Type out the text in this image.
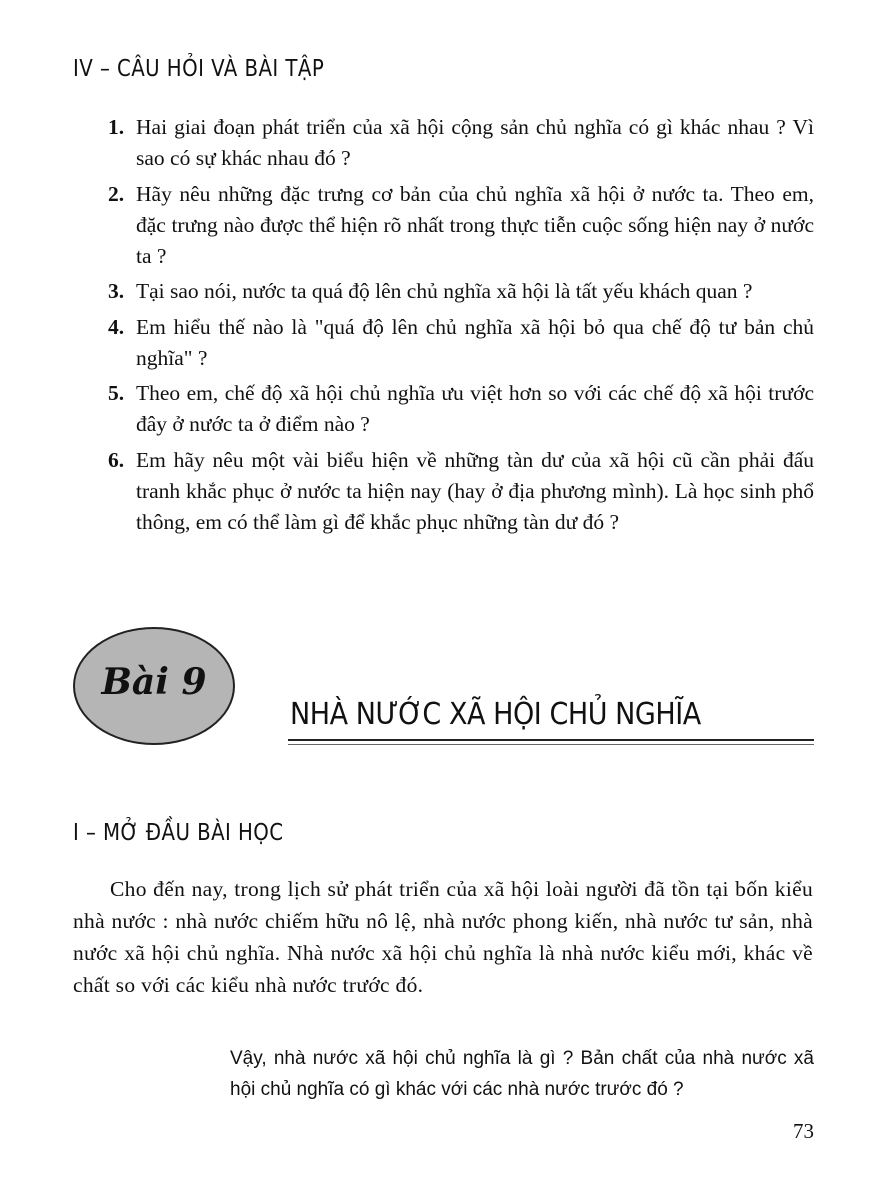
IV – CÂU HỎI VÀ BÀI TẬP
1. Hai giai đoạn phát triển của xã hội cộng sản chủ nghĩa có gì khác nhau ? Vì sao có sự khác nhau đó ?
2. Hãy nêu những đặc trưng cơ bản của chủ nghĩa xã hội ở nước ta. Theo em, đặc trưng nào được thể hiện rõ nhất trong thực tiễn cuộc sống hiện nay ở nước ta ?
3. Tại sao nói, nước ta quá độ lên chủ nghĩa xã hội là tất yếu khách quan ?
4. Em hiểu thế nào là "quá độ lên chủ nghĩa xã hội bỏ qua chế độ tư bản chủ nghĩa" ?
5. Theo em, chế độ xã hội chủ nghĩa ưu việt hơn so với các chế độ xã hội trước đây ở nước ta ở điểm nào ?
6. Em hãy nêu một vài biểu hiện về những tàn dư của xã hội cũ cần phải đấu tranh khắc phục ở nước ta hiện nay (hay ở địa phương mình). Là học sinh phổ thông, em có thể làm gì để khắc phục những tàn dư đó ?
Bài 9
NHÀ NƯỚC XÃ HỘI CHỦ NGHĨA
I – MỞ ĐẦU BÀI HỌC

Cho đến nay, trong lịch sử phát triển của xã hội loài người đã tồn tại bốn kiểu nhà nước : nhà nước chiếm hữu nô lệ, nhà nước phong kiến, nhà nước tư sản, nhà nước xã hội chủ nghĩa. Nhà nước xã hội chủ nghĩa là nhà nước kiểu mới, khác về chất so với các kiểu nhà nước trước đó.

Vậy, nhà nước xã hội chủ nghĩa là gì ? Bản chất của nhà nước xã hội chủ nghĩa có gì khác với các nhà nước trước đó ?

73
